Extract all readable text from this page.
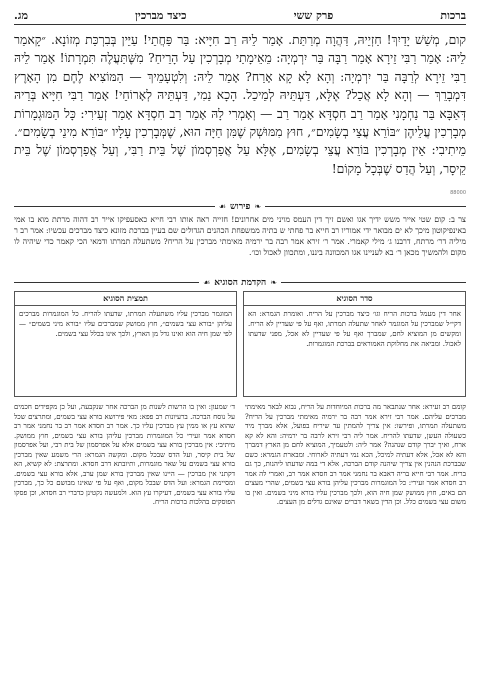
ברכות
פרק ששי
כיצד מברכין
מג.
קום, מְשַׁשׁ יָדַיִךְ! חַזְיֵיהּ, דַּהֲוָה מְרַתַּת. אָמַר לֵיהּ רַב חִיָּיא: בַּר פַּחֲתֵי! עַיֵּין בְּבִרְכַּת מְזוֹנָא. ״קָאמַר לֵיהּ: אָמַר רַבִּי זֵירָא אָמַר רַבָּה בַּר יִרְמְיָה: מֵאֵימָתַי מְבָרְכִין עַל הָרֵיחַ? מִשֶּׁתַּעֲלֶה תִּמְרָתוֹ! אָמַר לֵיהּ רַבִּי זֵירָא לְרַבָּה בַּר יִרְמְיָה: וְהָא לָא קָא אָרַח? אָמַר לֵיהּ: וְלִטְעָמֵיךְ — הַמּוֹצִיא לֶחֶם מִן הָאָרֶץ דִּמְבָרֵךְ — וְהָא לָא אֲכַל? אֶלָּא, דַּעְתֵּיהּ לְמֵיכַל. הָכָא נַמִי, דַּעְתֵּיהּ לְאָרוֹחֵי! אָמַר רַבִּי חִיָּיא בְּרֵיהּ דְּאַבָּא בַּר נַחְמָנִי אָמַר רַב חִסְדָּא אָמַר רַב — וְאָמְרִי לָהּ אָמַר רַב חִסְדָּא אָמַר זְעֵירִי: כָּל הַמּוּגְמָרוֹת מְבָרְכִין עֲלֵיהֶן ״בּוֹרֵא עֲצֵי בְשָׂמִים״, חוּץ מִמּוּשְׁק שֶׁמִּן חַיָּה הוּא, שֶׁמְּבָרְכִין עָלָיו ״בּוֹרֵא מִינֵי בְשָׂמִים״. מֵיתִיבִי: אֵין מְבָרְכִין בּוֹרֵא עֲצֵי בְשָׂמִים, אֶלָּא עַל אֲפַרְסְמוֹן שֶׁל בֵּית רַבִּי, וְעַל אֲפַרְסְמוֹן שֶׁל בֵּית קֵיסָר, וְעַל הֲדַס שֶׁבְּכָל מָקוֹם!
88000
❧
פירוש
☙
צר ב: קום שטי אייר משש ידיך אגו ואשם זיך דין העמס מויני מים אחרונים! חזייה ראה אותו רבי חייא כאסעפיקו אייר רב דהוה מרתת מוא בו אמי באינפיקוטון מיכך לא ים מבואר ידי אמוריו רב חייא בר פחתי ש בתיה ממשפחת הכהנים הגדולים שם בעיין בברכת מזונא כיצד מברכים עכשיו: אמר רב ר מיליה דר׳ מרתח, דרבנו ג׳ מילי קאמרי. אמר ר׳ זירא אמר רבה בר ירמיה מאימתי מברכין על הריח? משתעלה תמרתו ודמאי הכי קאמר כדי שיהיה לו מקום ולהמשיך מכאן ר׳ בא לעניינו אגו המכוונה ביננו, ומתכוון לאכול וכו׳.
❧
הקדמת הסוגיא
☙
סדר הסוגיא
אחר דין מעמל ברכות הריח וגו׳ כיצד מברכין על הריח. ואומרת הגמרא: הא דקי״ל שמברכין על המוגמר לאחר שתעלה תמרתו, ואף על פי שעדיין לא הריח. ומקשים מן המוציא לחם, שמברך ואף על פי שעדיין לא אכל, מפני שדעתו לאכול. ומביאה את מחלוקת האמוראים בברכת המוגמרות.
תמצית הסוגיא
המוגמר מברכין עליו משתעלה תמרתו, שדעתו להריח. כל המוגמרות מברכים עליהן ״בורא עצי בשמים״, חוץ ממושק שמברכים עליו ״בורא מיני בשמים״ — לפי שמן חיה הוא ואינו גדל מן הארץ, ולכך אינו בכלל עצי בשמים.
קומם רב זעירא: אחר שנתבאר מה ברכות המיוחדות על הריח, נבוא לבאר מאימתי מברכים עליהם. אמר רבי זירא אמר רבה בר ירמיה מאימתי מברכין על הריח? משתעלה תמרתו, ופירשו: אין צריך להמתין עד שיריח בפועל, אלא מברך מיד כשעולה העשן, שדעתו להריח. אמר ליה רבי זירא לרבה בר ירמיה: והא לא קא ארח, ואיך יברך קודם שנהנה? אמר ליה: ולטעמיך, המוציא לחם מן הארץ דמברך והא לא אכל, אלא דעתיה למיכל, הכא נמי דעתיה לארוחי. ומבארת הגמרא: כשם שבברכת הנהנין אין צריך שיהנה קודם הברכה, אלא די במה שדעתו ליהנות, כך גם בריח. אמר רבי חייא בריה דאבא בר נחמני אמר רב חסדא אמר רב, ואמרי לה אמר רב חסדא אמר זעירי: כל המוגמרות מברכין עליהן בורא עצי בשמים, שהרי מעצים הם באים, חוץ ממושק שמן חיה הוא, ולכך מברכין עליו בורא מיני בשמים. ואין בו משום עצי בשמים כלל. וכן הדין בשאר דברים שאינם גדלים מן העצים.
ד׳ שמעון: ואין בו הרשות לשנות מן הברכה אחר שנקבעה, ועל כן מקפידים חכמים על נוסח הברכה. ברעיונות רב פפא: מאי פירושא בורא עצי בשמים, ומתרצים שכל שהוא עץ או ממין עץ מברכין עליו כך. אמר רב חסדא אמר רב בר נחמני אמר רב חסדא אמר זעירי כל המוגמרות מברכין עליהן בורא עצי בשמים, חוץ ממושק. מיתיבי: אין מברכין בורא עצי בשמים אלא על אפרסמון של בית רבי, ועל אפרסמון של בית קיסר, ועל הדס שבכל מקום. ומקשה הגמרא: הרי משמע שאין מברכין בורא עצי בשמים על שאר מוגמרות, ותיובתא דרב חסדא. ומתרצת: לא קשיא, הא דקתני אין מברכין — היינו שאין מברכין בורא שמן ערב, אלא בורא עצי בשמים. ומסיימת הגמרא: ועל הדס שבכל מקום, ואף על פי שאינו מבושם כל כך, מברכין עליו בורא עצי בשמים, דעיקרו עץ הוא. ולמעשה נקטינן כדברי רב חסדא, וכן פסקו הפוסקים בהלכות ברכות הריח.
